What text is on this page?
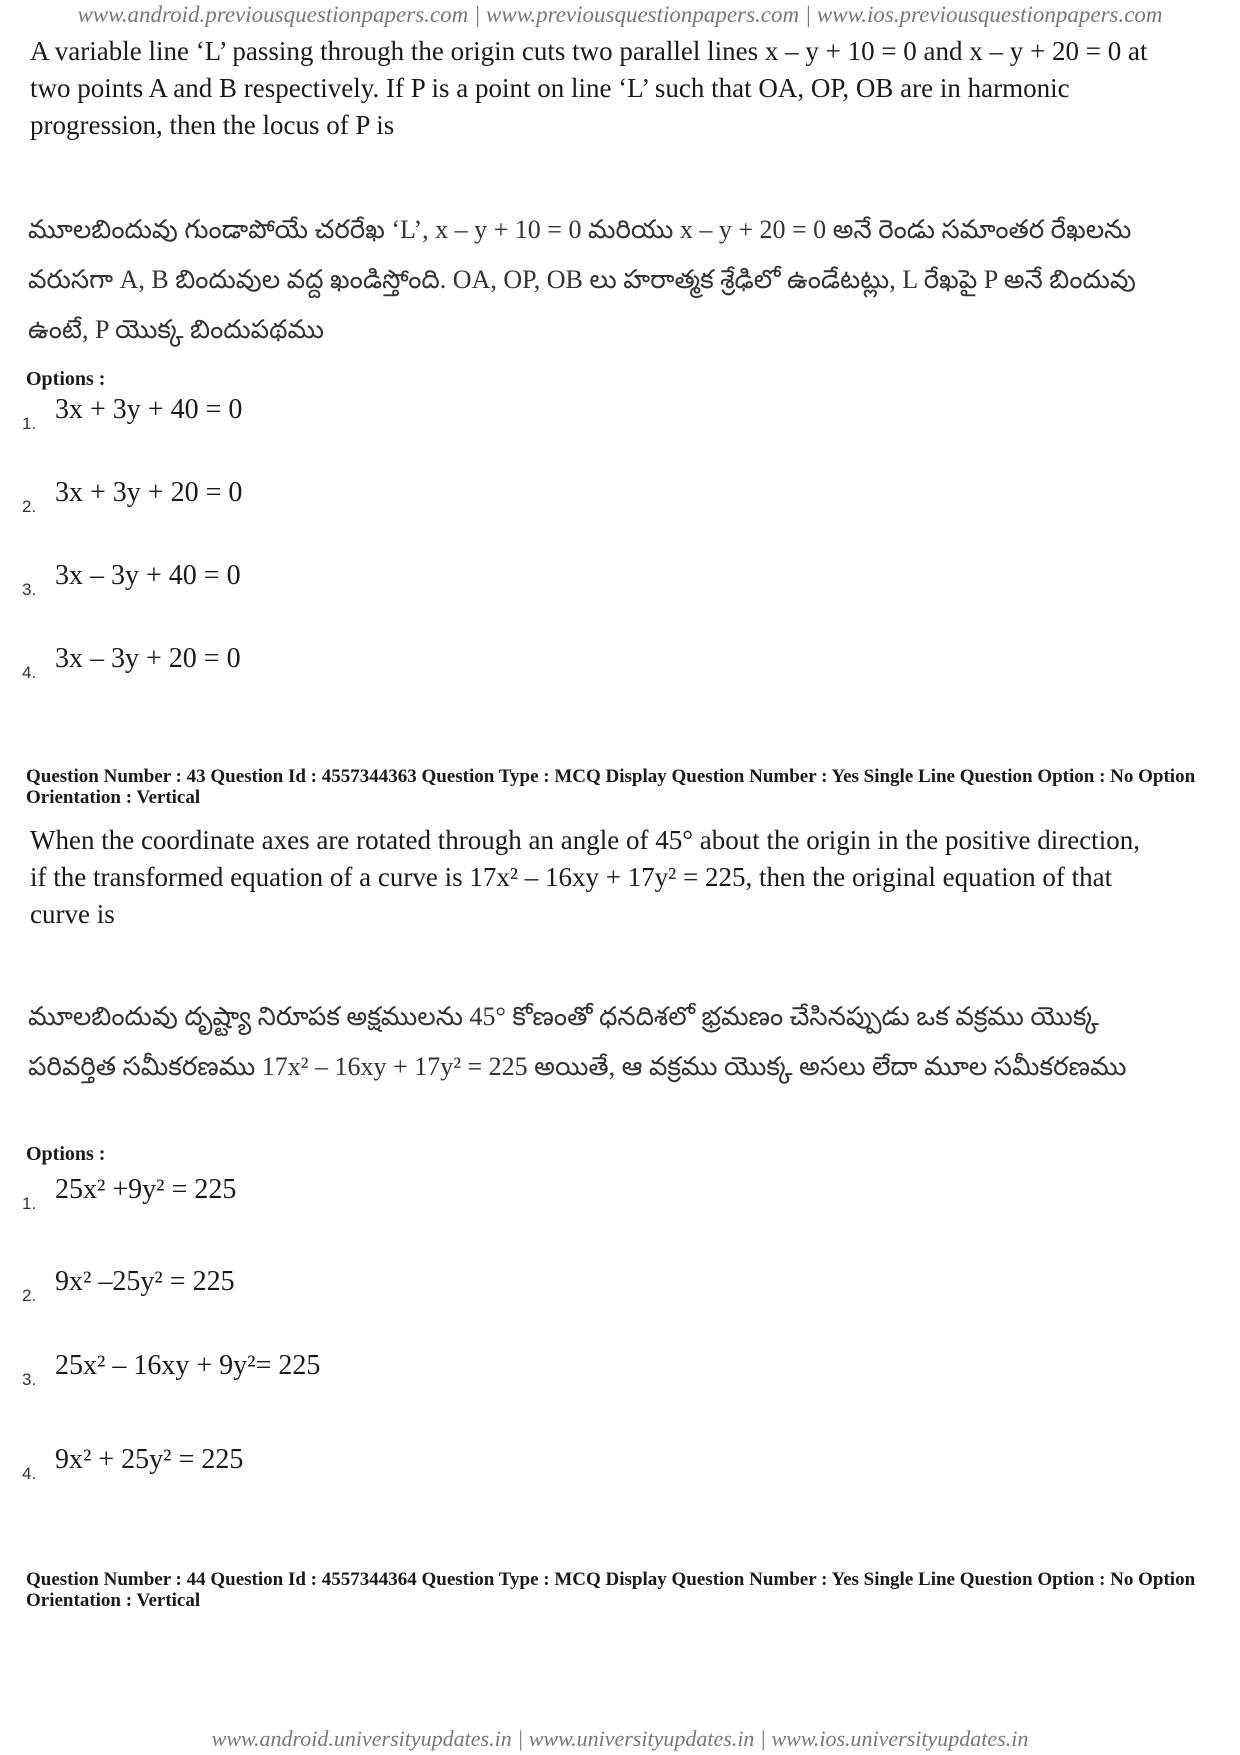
www.android.previousquestionpapers.com | www.previousquestionpapers.com | www.ios.previousquestionpapers.com

A variable line ‘L’ passing through the origin cuts two parallel lines x – y + 10 = 0 and x – y + 20 = 0 at two points A and B respectively. If P is a point on line ‘L’ such that OA, OP, OB are in harmonic progression, then the locus of P is

మూలబిందువు గుండాపోయే చరరేఖ ‘L’, x – y + 10 = 0 మరియు x – y + 20 = 0 అనే రెండు సమాంతర రేఖలను వరుసగా A, B బిందువుల వద్ద ఖండిస్తోంది. OA, OP, OB లు హరాత్మక శ్రేఢిలో ఉండేటట్లు, L రేఖపై P అనే బిందువు ఉంటే, P యొక్క బిందుపథము

Options :
1. 3x + 3y + 40 = 0
2. 3x + 3y + 20 = 0
3. 3x – 3y + 40 = 0
4. 3x – 3y + 20 = 0

Question Number : 43 Question Id : 4557344363 Question Type : MCQ Display Question Number : Yes Single Line Question Option : No Option Orientation : Vertical

When the coordinate axes are rotated through an angle of 45° about the origin in the positive direction, if the transformed equation of a curve is 17x² – 16xy + 17y² = 225, then the original equation of that curve is

మూలబిందువు దృష్ట్యా నిరూపక అక్షములను 45° కోణంతో ధనదిశలో భ్రమణం చేసినప్పుడు ఒక వక్రము యొక్క పరివర్తిత సమీకరణము 17x² – 16xy + 17y² = 225 అయితే, ఆ వక్రము యొక్క అసలు లేదా మూల సమీకరణము

Options :
1. 25x² +9y² = 225
2. 9x² –25y² = 225
3. 25x² – 16xy + 9y²= 225
4. 9x² + 25y² = 225

Question Number : 44 Question Id : 4557344364 Question Type : MCQ Display Question Number : Yes Single Line Question Option : No Option Orientation : Vertical

www.android.universityupdates.in | www.universityupdates.in | www.ios.universityupdates.in
